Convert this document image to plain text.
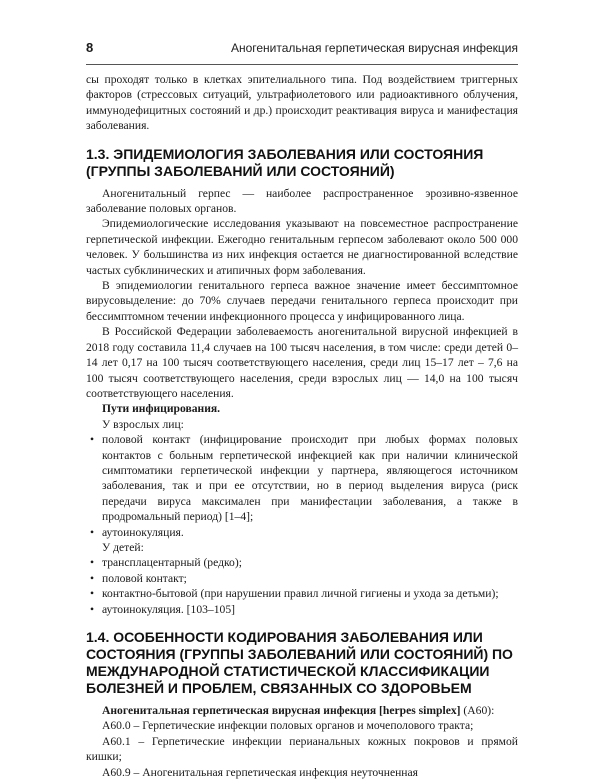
8	Аногенитальная герпетическая вирусная инфекция

сы проходят только в клетках эпителиального типа. Под воздействием триггерных факторов (стрессовых ситуаций, ультрафиолетового или радиоактивного облучения, иммунодефицитных состояний и др.) происходит реактивация вируса и манифестация заболевания.

1.3. ЭПИДЕМИОЛОГИЯ ЗАБОЛЕВАНИЯ ИЛИ СОСТОЯНИЯ (ГРУППЫ ЗАБОЛЕВАНИЙ ИЛИ СОСТОЯНИЙ)

Аногенитальный герпес — наиболее распространенное эрозивно-язвенное заболевание половых органов.

Эпидемиологические исследования указывают на повсеместное распространение герпетической инфекции. Ежегодно генитальным герпесом заболевают около 500 000 человек. У большинства из них инфекция остается не диагностированной вследствие частых субклинических и атипичных форм заболевания.

В эпидемиологии генитального герпеса важное значение имеет бессимптомное вирусовыделение: до 70% случаев передачи генитального герпеса происходит при бессимптомном течении инфекционного процесса у инфицированного лица.

В Российской Федерации заболеваемость аногенитальной вирусной инфекцией в 2018 году составила 11,4 случаев на 100 тысяч населения, в том числе: среди детей 0–14 лет 0,17 на 100 тысяч соответствующего населения, среди лиц 15–17 лет – 7,6 на 100 тысяч соответствующего населения, среди взрослых лиц — 14,0 на 100 тысяч соответствующего населения.

Пути инфицирования.

У взрослых лиц:

• половой контакт (инфицирование происходит при любых формах половых контактов с больным герпетической инфекцией как при наличии клинической симптоматики герпетической инфекции у партнера, являющегося источником заболевания, так и при ее отсутствии, но в период выделения вируса (риск передачи вируса максимален при манифестации заболевания, а также в продромальный период) [1–4];
• аутоинокуляция.

У детей:

• трансплацентарный (редко);
• половой контакт;
• контактно-бытовой (при нарушении правил личной гигиены и ухода за детьми);
• аутоинокуляция. [103–105]
1.4. ОСОБЕННОСТИ КОДИРОВАНИЯ ЗАБОЛЕВАНИЯ ИЛИ СОСТОЯНИЯ (ГРУППЫ ЗАБОЛЕВАНИЙ ИЛИ СОСТОЯНИЙ) ПО МЕЖДУНАРОДНОЙ СТАТИСТИЧЕСКОЙ КЛАССИФИКАЦИИ БОЛЕЗНЕЙ И ПРОБЛЕМ, СВЯЗАННЫХ СО ЗДОРОВЬЕМ

Аногенитальная герпетическая вирусная инфекция [herpes simplex] (А60):

А60.0 – Герпетические инфекции половых органов и мочеполового тракта;

А60.1 – Герпетические инфекции перианальных кожных покровов и прямой кишки;

А60.9 – Аногенитальная герпетическая инфекция неуточненная
